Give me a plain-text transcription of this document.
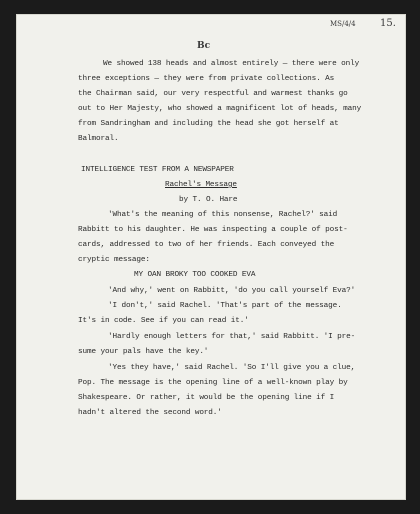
MS/4/4 15.
Bc
We showed 138 heads and almost entirely — there were only
three exceptions — they were from private collections. As
the Chairman said, our very respectful and warmest thanks go
out to Her Majesty, who showed a magnificent lot of heads, many
from Sandringham and including the head she got herself at
Balmoral.
INTELLIGENCE TEST FROM A NEWSPAPER
Rachel's Message
by T. O. Hare
'What's the meaning of this nonsense, Rachel?' said
Rabbitt to his daughter. He was inspecting a couple of post-
cards, addressed to two of her friends. Each conveyed the
cryptic message:
MY OAN BROKY TOO COOKED EVA
'And why,' went on Rabbitt, 'do you call yourself Eva?'
'I don't,' said Rachel. 'That's part of the message.
It's in code. See if you can read it.'
'Hardly enough letters for that,' said Rabbitt. 'I pre-
sume your pals have the key.'
'Yes they have,' said Rachel. 'So I'll give you a clue,
Pop. The message is the opening line of a well-known play by
Shakespeare. Or rather, it would be the opening line if I
hadn't altered the second word.'
